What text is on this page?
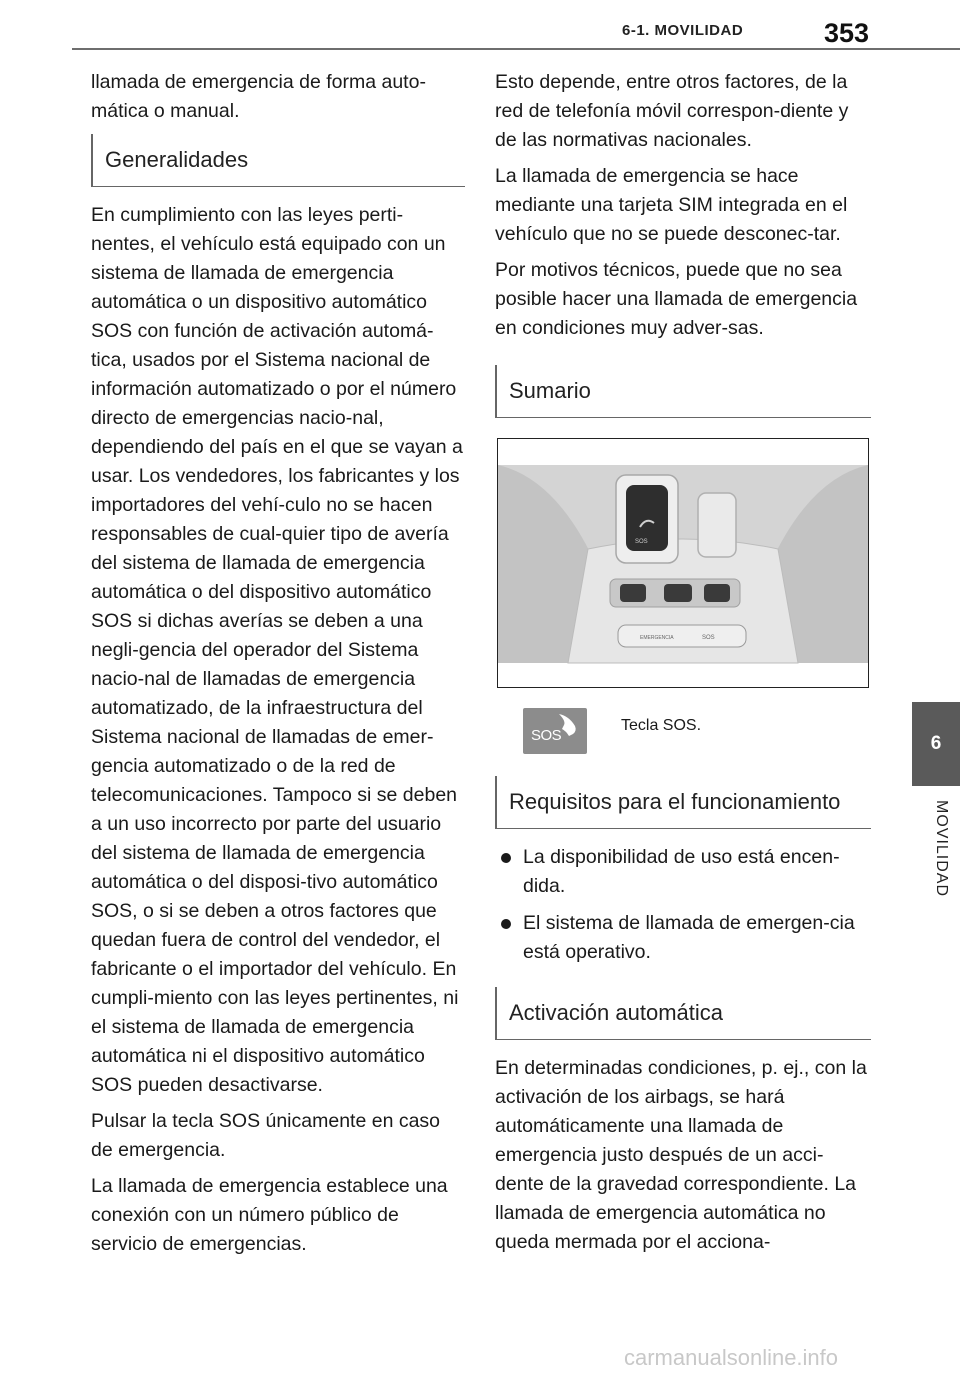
6-1. MOVILIDAD	353
6
MOVILIDAD

llamada de emergencia de forma auto-mática o manual.

Generalidades

En cumplimiento con las leyes perti-nentes, el vehículo está equipado con un sistema de llamada de emergencia automática o un dispositivo automático SOS con función de activación automá-tica, usados por el Sistema nacional de información automatizado o por el número directo de emergencias nacio-nal, dependiendo del país en el que se vayan a usar. Los vendedores, los fabricantes y los importadores del vehí-culo no se hacen responsables de cual-quier tipo de avería del sistema de llamada de emergencia automática o del dispositivo automático SOS si dichas averías se deben a una negli-gencia del operador del Sistema nacio-nal de llamadas de emergencia automatizado, de la infraestructura del Sistema nacional de llamadas de emer-gencia automatizado o de la red de telecomunicaciones. Tampoco si se deben a un uso incorrecto por parte del usuario del sistema de llamada de emergencia automática o del disposi-tivo automático SOS, o si se deben a otros factores que quedan fuera de control del vendedor, el fabricante o el importador del vehículo. En cumpli-miento con las leyes pertinentes, ni el sistema de llamada de emergencia automática ni el dispositivo automático SOS pueden desactivarse.

Pulsar la tecla SOS únicamente en caso de emergencia.

La llamada de emergencia establece una conexión con un número público de servicio de emergencias.

Esto depende, entre otros factores, de la red de telefonía móvil correspon-diente y de las normativas nacionales.

La llamada de emergencia se hace mediante una tarjeta SIM integrada en el vehículo que no se puede desconec-tar.

Por motivos técnicos, puede que no sea posible hacer una llamada de emergencia en condiciones muy adver-sas.

Sumario
SOS
EMERGENCIA	SOS
SOS
Tecla SOS.
Requisitos para el funcionamiento
La disponibilidad de uso está encen-dida.
El sistema de llamada de emergen-cia está operativo.
Activación automática

En determinadas condiciones, p. ej., con la activación de los airbags, se hará automáticamente una llamada de emergencia justo después de un acci-dente de la gravedad correspondiente. La llamada de emergencia automática no queda mermada por el acciona-

carmanualsonline.info
